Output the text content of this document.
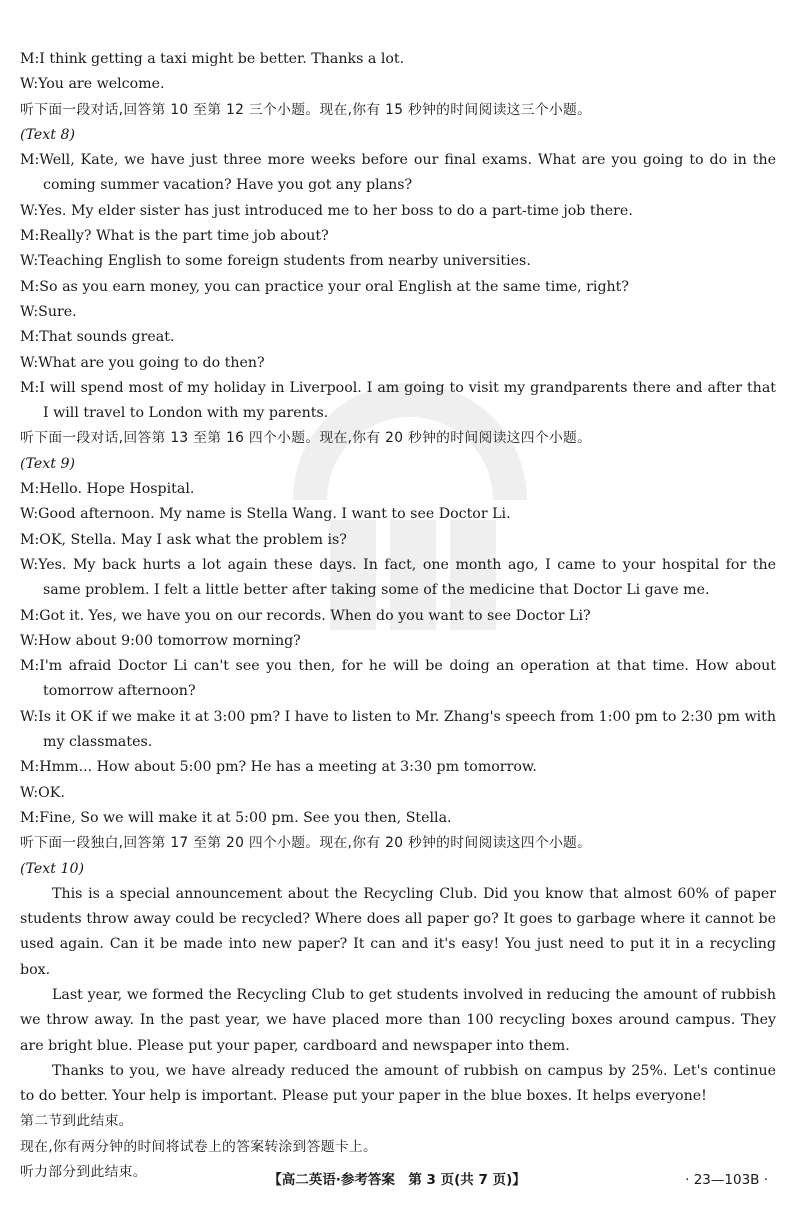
M:I think getting a taxi might be better. Thanks a lot.
W:You are welcome.
听下面一段对话,回答第 10 至第 12 三个小题。现在,你有 15 秒钟的时间阅读这三个小题。
(Text 8)
M:Well, Kate, we have just three more weeks before our final exams. What are you going to do in the coming summer vacation? Have you got any plans?
W:Yes. My elder sister has just introduced me to her boss to do a part-time job there.
M:Really? What is the part time job about?
W:Teaching English to some foreign students from nearby universities.
M:So as you earn money, you can practice your oral English at the same time, right?
W:Sure.
M:That sounds great.
W:What are you going to do then?
M:I will spend most of my holiday in Liverpool. I am going to visit my grandparents there and after that I will travel to London with my parents.
听下面一段对话,回答第 13 至第 16 四个小题。现在,你有 20 秒钟的时间阅读这四个小题。
(Text 9)
M:Hello. Hope Hospital.
W:Good afternoon. My name is Stella Wang. I want to see Doctor Li.
M:OK, Stella. May I ask what the problem is?
W:Yes. My back hurts a lot again these days. In fact, one month ago, I came to your hospital for the same problem. I felt a little better after taking some of the medicine that Doctor Li gave me.
M:Got it. Yes, we have you on our records. When do you want to see Doctor Li?
W:How about 9:00 tomorrow morning?
M:I'm afraid Doctor Li can't see you then, for he will be doing an operation at that time. How about tomorrow afternoon?
W:Is it OK if we make it at 3:00 pm? I have to listen to Mr. Zhang's speech from 1:00 pm to 2:30 pm with my classmates.
M:Hmm... How about 5:00 pm? He has a meeting at 3:30 pm tomorrow.
W:OK.
M:Fine, So we will make it at 5:00 pm. See you then, Stella.
听下面一段独白,回答第 17 至第 20 四个小题。现在,你有 20 秒钟的时间阅读这四个小题。
(Text 10)
This is a special announcement about the Recycling Club. Did you know that almost 60% of paper students throw away could be recycled? Where does all paper go? It goes to garbage where it cannot be used again. Can it be made into new paper? It can and it's easy! You just need to put it in a recycling box.
Last year, we formed the Recycling Club to get students involved in reducing the amount of rubbish we throw away. In the past year, we have placed more than 100 recycling boxes around campus. They are bright blue. Please put your paper, cardboard and newspaper into them.
Thanks to you, we have already reduced the amount of rubbish on campus by 25%. Let's continue to do better. Your help is important. Please put your paper in the blue boxes. It helps everyone!
第二节到此结束。
现在,你有两分钟的时间将试卷上的答案转涂到答题卡上。
听力部分到此结束。	【高二英语·参考答案　第 3 页(共 7 页)】	· 23—103B ·
